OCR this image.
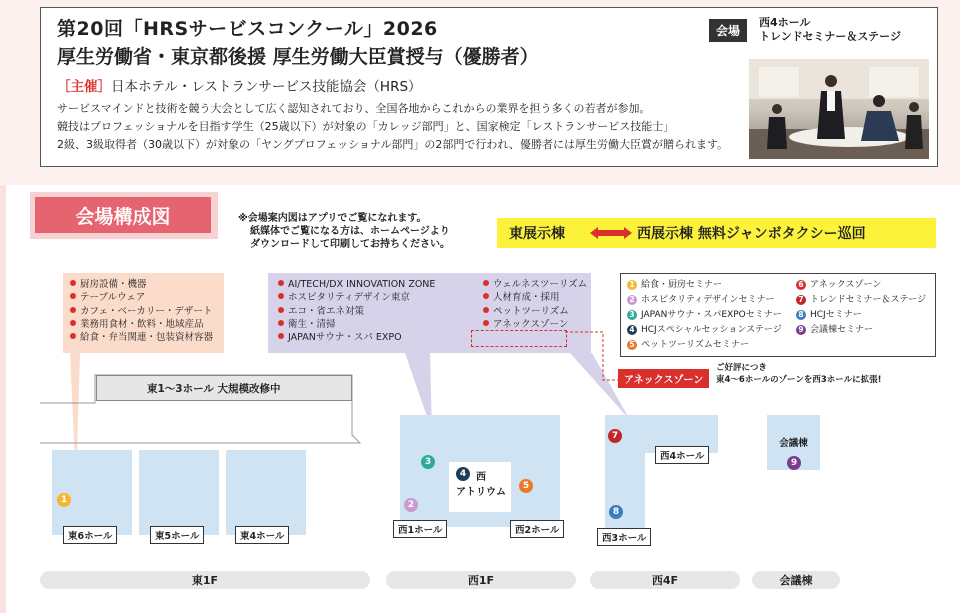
第20回「HRSサービスコンクール」2026
厚生労働省・東京都後援 厚生労働大臣賞授与（優勝者）
［主催］日本ホテル・レストランサービス技能協会（HRS）
サービスマインドと技術を競う大会として広く認知されており、全国各地からこれからの業界を担う多くの若者が参加。
競技はプロフェッショナルを目指す学生（25歳以下）が対象の「カレッジ部門」と、国家検定「レストランサービス技能士」
2級、3級取得者（30歳以下）が対象の「ヤングプロフェッショナル部門」の2部門で行われ、優勝者には厚生労働大臣賞が贈られます。
会場
西4ホール
トレンドセミナー＆ステージ
会場構成図	※会場案内図はアプリでご覧になれます。
紙媒体でご覧になる方は、ホームページより
ダウンロードして印刷してお持ちください。
東展示棟	西展示棟 無料ジャンボタクシー巡回
厨房設備・機器
テーブルウェア
カフェ・ベーカリー・デザート
業務用食材・飲料・地域産品
給食・弁当関連・包装資材容器
AI/TECH/DX INNOVATION ZONE
ホスピタリティデザイン東京
エコ・省エネ対策
衛生・清掃
JAPANサウナ・スパ EXPO
ウェルネスツーリズム
人材育成・採用
ペットツーリズム
アネックスゾーン
1 給食・厨房セミナー
2 ホスピタリティデザインセミナー
3 JAPANサウナ・スパEXPOセミナー
4 HCJスペシャルセッションステージ
5 ペットツーリズムセミナー
6 アネックスゾーン
7 トレンドセミナー＆ステージ
8 HCJセミナー
9 会議棟セミナー
東1～3ホール 大規模改修中
東6ホール	東5ホール	東4ホール
西
アトリウム
西1ホール	西2ホール
西4ホール
西3ホール
会議棟
1	2
3
4
5
7
8
9
アネックスゾーン
ご好評につき
東4～6ホールのゾーンを西3ホールに拡張!
東1F	西1F	西4F	会議棟
